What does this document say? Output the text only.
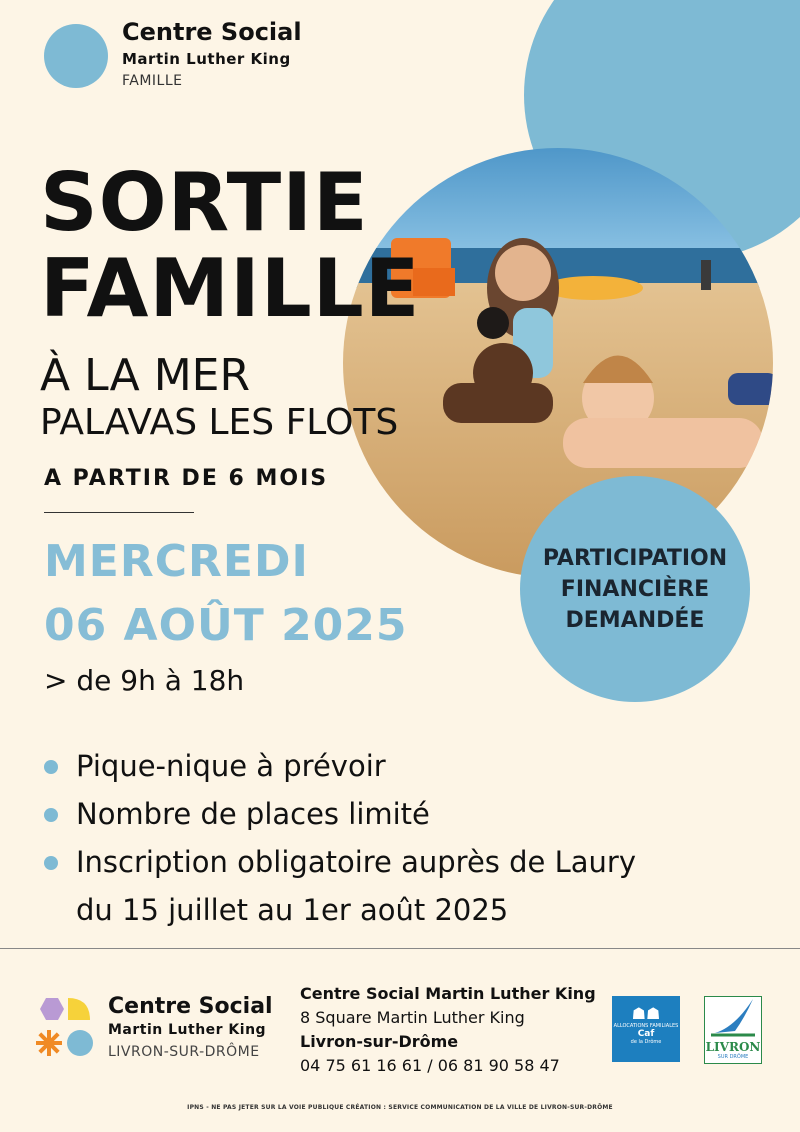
Centre Social
Martin Luther King
FAMILLE
SORTIE
FAMILLE
À LA MER
PALAVAS LES FLOTS
A PARTIR DE 6 MOIS
MERCREDI
06 AOÛT 2025
> de 9h à 18h
PARTICIPATION
FINANCIÈRE
DEMANDÉE
Pique-nique à prévoir
Nombre de places limité
Inscription obligatoire auprès de Laury
du 15 juillet au 1er août 2025
Centre Social
Martin Luther King
LIVRON-SUR-DRÔME
Centre Social Martin Luther King
8 Square Martin Luther King
Livron-sur-Drôme
04 75 61 16 61 / 06 81 90 58 47
☗☗
ALLOCATIONS FAMILIALES
Caf
de la Drôme	LIVRON
SUR DRÔME
IPNS - NE PAS JETER SUR LA VOIE PUBLIQUE CRÉATION : SERVICE COMMUNICATION DE LA VILLE DE LIVRON-SUR-DRÔME
